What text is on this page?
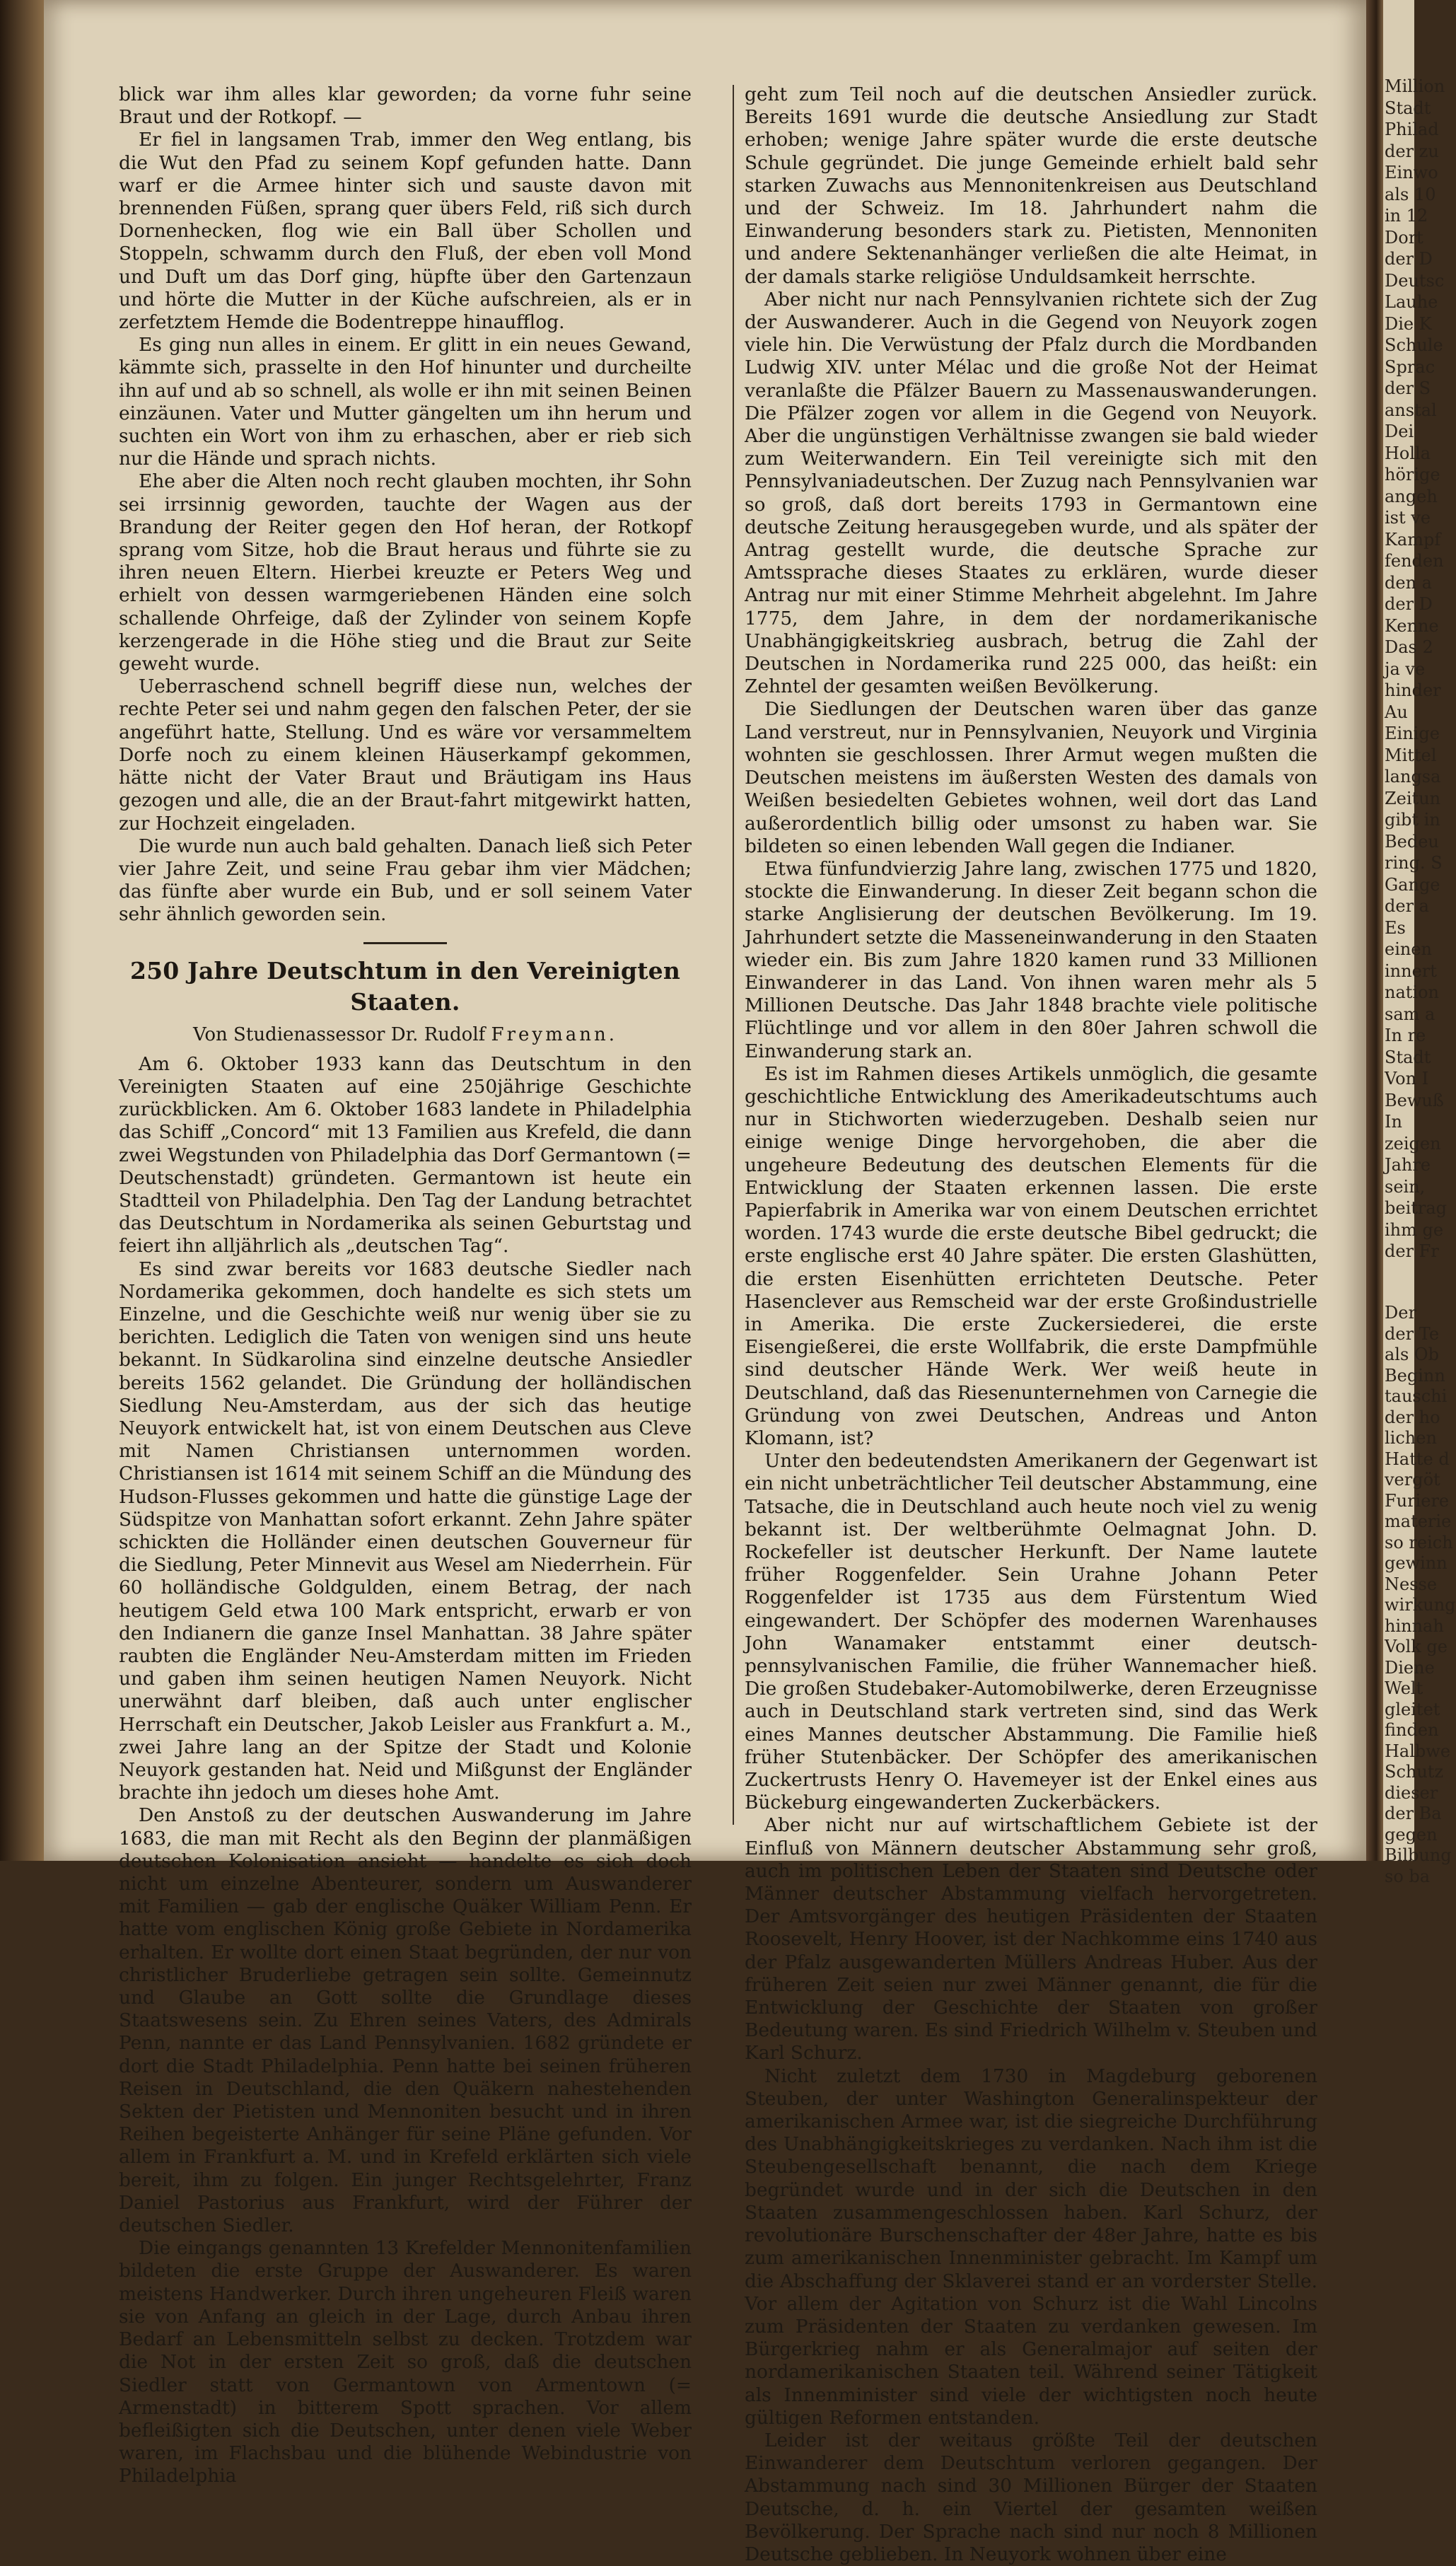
blick war ihm alles klar geworden; da vorne fuhr seine Braut und der Rotkopf. —

Er fiel in langsamen Trab, immer den Weg entlang, bis die Wut den Pfad zu seinem Kopf gefunden hatte. Dann warf er die Armee hinter sich und sauste davon mit brennenden Füßen, sprang quer übers Feld, riß sich durch Dornenhecken, flog wie ein Ball über Schollen und Stoppeln, schwamm durch den Fluß, der eben voll Mond und Duft um das Dorf ging, hüpfte über den Gartenzaun und hörte die Mutter in der Küche aufschreien, als er in zerfetztem Hemde die Bodentreppe hinaufflog.

Es ging nun alles in einem. Er glitt in ein neues Gewand, kämmte sich, prasselte in den Hof hinunter und durcheilte ihn auf und ab so schnell, als wolle er ihn mit seinen Beinen einzäunen. Vater und Mutter gängelten um ihn herum und suchten ein Wort von ihm zu erhaschen, aber er rieb sich nur die Hände und sprach nichts.

Ehe aber die Alten noch recht glauben mochten, ihr Sohn sei irrsinnig geworden, tauchte der Wagen aus der Brandung der Reiter gegen den Hof heran, der Rotkopf sprang vom Sitze, hob die Braut heraus und führte sie zu ihren neuen Eltern. Hierbei kreuzte er Peters Weg und erhielt von dessen warmgeriebenen Händen eine solch schallende Ohrfeige, daß der Zylinder von seinem Kopfe kerzengerade in die Höhe stieg und die Braut zur Seite geweht wurde.

Ueberraschend schnell begriff diese nun, welches der rechte Peter sei und nahm gegen den falschen Peter, der sie angeführt hatte, Stellung. Und es wäre vor versammeltem Dorfe noch zu einem kleinen Häuserkampf gekommen, hätte nicht der Vater Braut und Bräutigam ins Haus gezogen und alle, die an der Braut-fahrt mitgewirkt hatten, zur Hochzeit eingeladen.

Die wurde nun auch bald gehalten. Danach ließ sich Peter vier Jahre Zeit, und seine Frau gebar ihm vier Mädchen; das fünfte aber wurde ein Bub, und er soll seinem Vater sehr ähnlich geworden sein.

250 Jahre Deutschtum in den Vereinigten Staaten.
Von Studienassessor Dr. Rudolf Freymann.

Am 6. Oktober 1933 kann das Deutschtum in den Vereinigten Staaten auf eine 250jährige Geschichte zurückblicken. Am 6. Oktober 1683 landete in Philadelphia das Schiff „Concord“ mit 13 Familien aus Krefeld, die dann zwei Wegstunden von Philadelphia das Dorf Germantown (= Deutschenstadt) gründeten. Germantown ist heute ein Stadtteil von Philadelphia. Den Tag der Landung betrachtet das Deutschtum in Nordamerika als seinen Geburtstag und feiert ihn alljährlich als „deutschen Tag“.

Es sind zwar bereits vor 1683 deutsche Siedler nach Nordamerika gekommen, doch handelte es sich stets um Einzelne, und die Geschichte weiß nur wenig über sie zu berichten. Lediglich die Taten von wenigen sind uns heute bekannt. In Südkarolina sind einzelne deutsche Ansiedler bereits 1562 gelandet. Die Gründung der holländischen Siedlung Neu-Amsterdam, aus der sich das heutige Neuyork entwickelt hat, ist von einem Deutschen aus Cleve mit Namen Christiansen unternommen worden. Christiansen ist 1614 mit seinem Schiff an die Mündung des Hudson-Flusses gekommen und hatte die günstige Lage der Südspitze von Manhattan sofort erkannt. Zehn Jahre später schickten die Holländer einen deutschen Gouverneur für die Siedlung, Peter Minnevit aus Wesel am Niederrhein. Für 60 holländische Goldgulden, einem Betrag, der nach heutigem Geld etwa 100 Mark entspricht, erwarb er von den Indianern die ganze Insel Manhattan. 38 Jahre später raubten die Engländer Neu-Amsterdam mitten im Frieden und gaben ihm seinen heutigen Namen Neuyork. Nicht unerwähnt darf bleiben, daß auch unter englischer Herrschaft ein Deutscher, Jakob Leisler aus Frankfurt a. M., zwei Jahre lang an der Spitze der Stadt und Kolonie Neuyork gestanden hat. Neid und Mißgunst der Engländer brachte ihn jedoch um dieses hohe Amt.

Den Anstoß zu der deutschen Auswanderung im Jahre 1683, die man mit Recht als den Beginn der planmäßigen deutschen Kolonisation ansieht — handelte es sich doch nicht um einzelne Abenteurer, sondern um Auswanderer mit Familien — gab der englische Quäker William Penn. Er hatte vom englischen König große Gebiete in Nordamerika erhalten. Er wollte dort einen Staat begründen, der nur von christlicher Bruderliebe getragen sein sollte. Gemeinnutz und Glaube an Gott sollte die Grundlage dieses Staatswesens sein. Zu Ehren seines Vaters, des Admirals Penn, nannte er das Land Pennsylvanien. 1682 gründete er dort die Stadt Philadelphia. Penn hatte bei seinen früheren Reisen in Deutschland, die den Quäkern nahestehenden Sekten der Pietisten und Mennoniten besucht und in ihren Reihen begeisterte Anhänger für seine Pläne gefunden. Vor allem in Frankfurt a. M. und in Krefeld erklärten sich viele bereit, ihm zu folgen. Ein junger Rechtsgelehrter, Franz Daniel Pastorius aus Frankfurt, wird der Führer der deutschen Siedler.

Die eingangs genannten 13 Krefelder Mennonitenfamilien bildeten die erste Gruppe der Auswanderer. Es waren meistens Handwerker. Durch ihren ungeheuren Fleiß waren sie von Anfang an gleich in der Lage, durch Anbau ihren Bedarf an Lebensmitteln selbst zu decken. Trotzdem war die Not in der ersten Zeit so groß, daß die deutschen Siedler statt von Germantown von Armentown (= Armenstadt) in bitterem Spott sprachen. Vor allem befleißigten sich die Deutschen, unter denen viele Weber waren, im Flachsbau und die blühende Webindustrie von Philadelphia

geht zum Teil noch auf die deutschen Ansiedler zurück. Bereits 1691 wurde die deutsche Ansiedlung zur Stadt erhoben; wenige Jahre später wurde die erste deutsche Schule gegründet. Die junge Gemeinde erhielt bald sehr starken Zuwachs aus Mennonitenkreisen aus Deutschland und der Schweiz. Im 18. Jahrhundert nahm die Einwanderung besonders stark zu. Pietisten, Mennoniten und andere Sektenanhänger verließen die alte Heimat, in der damals starke religiöse Unduldsamkeit herrschte.

Aber nicht nur nach Pennsylvanien richtete sich der Zug der Auswanderer. Auch in die Gegend von Neuyork zogen viele hin. Die Verwüstung der Pfalz durch die Mordbanden Ludwig XIV. unter Mélac und die große Not der Heimat veranlaßte die Pfälzer Bauern zu Massenauswanderungen. Die Pfälzer zogen vor allem in die Gegend von Neuyork. Aber die ungünstigen Verhältnisse zwangen sie bald wieder zum Weiterwandern. Ein Teil vereinigte sich mit den Pennsylvaniadeutschen. Der Zuzug nach Pennsylvanien war so groß, daß dort bereits 1793 in Germantown eine deutsche Zeitung herausgegeben wurde, und als später der Antrag gestellt wurde, die deutsche Sprache zur Amtssprache dieses Staates zu erklären, wurde dieser Antrag nur mit einer Stimme Mehrheit abgelehnt. Im Jahre 1775, dem Jahre, in dem der nordamerikanische Unabhängigkeitskrieg ausbrach, betrug die Zahl der Deutschen in Nordamerika rund 225 000, das heißt: ein Zehntel der gesamten weißen Bevölkerung.

Die Siedlungen der Deutschen waren über das ganze Land verstreut, nur in Pennsylvanien, Neuyork und Virginia wohnten sie geschlossen. Ihrer Armut wegen mußten die Deutschen meistens im äußersten Westen des damals von Weißen besiedelten Gebietes wohnen, weil dort das Land außerordentlich billig oder umsonst zu haben war. Sie bildeten so einen lebenden Wall gegen die Indianer.

Etwa fünfundvierzig Jahre lang, zwischen 1775 und 1820, stockte die Einwanderung. In dieser Zeit begann schon die starke Anglisierung der deutschen Bevölkerung. Im 19. Jahrhundert setzte die Masseneinwanderung in den Staaten wieder ein. Bis zum Jahre 1820 kamen rund 33 Millionen Einwanderer in das Land. Von ihnen waren mehr als 5 Millionen Deutsche. Das Jahr 1848 brachte viele politische Flüchtlinge und vor allem in den 80er Jahren schwoll die Einwanderung stark an.

Es ist im Rahmen dieses Artikels unmöglich, die gesamte geschichtliche Entwicklung des Amerikadeutschtums auch nur in Stichworten wiederzugeben. Deshalb seien nur einige wenige Dinge hervorgehoben, die aber die ungeheure Bedeutung des deutschen Elements für die Entwicklung der Staaten erkennen lassen. Die erste Papierfabrik in Amerika war von einem Deutschen errichtet worden. 1743 wurde die erste deutsche Bibel gedruckt; die erste englische erst 40 Jahre später. Die ersten Glashütten, die ersten Eisenhütten errichteten Deutsche. Peter Hasenclever aus Remscheid war der erste Großindustrielle in Amerika. Die erste Zuckersiederei, die erste Eisengießerei, die erste Wollfabrik, die erste Dampfmühle sind deutscher Hände Werk. Wer weiß heute in Deutschland, daß das Riesenunternehmen von Carnegie die Gründung von zwei Deutschen, Andreas und Anton Klomann, ist?

Unter den bedeutendsten Amerikanern der Gegenwart ist ein nicht unbeträchtlicher Teil deutscher Abstammung, eine Tatsache, die in Deutschland auch heute noch viel zu wenig bekannt ist. Der weltberühmte Oelmagnat John. D. Rockefeller ist deutscher Herkunft. Der Name lautete früher Roggenfelder. Sein Urahne Johann Peter Roggenfelder ist 1735 aus dem Fürstentum Wied eingewandert. Der Schöpfer des modernen Warenhauses John Wanamaker entstammt einer deutsch-pennsylvanischen Familie, die früher Wannemacher hieß. Die großen Studebaker-Automobilwerke, deren Erzeugnisse auch in Deutschland stark vertreten sind, sind das Werk eines Mannes deutscher Abstammung. Die Familie hieß früher Stutenbäcker. Der Schöpfer des amerikanischen Zuckertrusts Henry O. Havemeyer ist der Enkel eines aus Bückeburg eingewanderten Zuckerbäckers.

Aber nicht nur auf wirtschaftlichem Gebiete ist der Einfluß von Männern deutscher Abstammung sehr groß, auch im politischen Leben der Staaten sind Deutsche oder Männer deutscher Abstammung vielfach hervorgetreten. Der Amtsvorgänger des heutigen Präsidenten der Staaten Roosevelt, Henry Hoover, ist der Nachkomme eins 1740 aus der Pfalz ausgewanderten Müllers Andreas Huber. Aus der früheren Zeit seien nur zwei Männer genannt, die für die Entwicklung der Geschichte der Staaten von großer Bedeutung waren. Es sind Friedrich Wilhelm v. Steuben und Karl Schurz.

Nicht zuletzt dem 1730 in Magdeburg geborenen Steuben, der unter Washington Generalinspekteur der amerikanischen Armee war, ist die siegreiche Durchführung des Unabhängigkeitskrieges zu verdanken. Nach ihm ist die Steubengesellschaft benannt, die nach dem Kriege begründet wurde und in der sich die Deutschen in den Staaten zusammengeschlossen haben. Karl Schurz, der revolutionäre Burschenschafter der 48er Jahre, hatte es bis zum amerikanischen Innenminister gebracht. Im Kampf um die Abschaffung der Sklaverei stand er an vorderster Stelle. Vor allem der Agitation von Schurz ist die Wahl Lincolns zum Präsidenten der Staaten zu verdanken gewesen. Im Bürgerkrieg nahm er als Generalmajor auf seiten der nordamerikanischen Staaten teil. Während seiner Tätigkeit als Innenminister sind viele der wichtigsten noch heute gültigen Reformen entstanden.

Leider ist der weitaus größte Teil der deutschen Einwanderer dem Deutschtum verloren gegangen. Der Abstammung nach sind 30 Millionen Bürger der Staaten Deutsche, d. h. ein Viertel der gesamten weißen Bevölkerung. Der Sprache nach sind nur noch 8 Millionen Deutsche geblieben. In Neuyork wohnen über eine

Million
Stadt
Philad
der zu
Einwo
als 10
in 12
Dort
der D
Deutsc
Lauhe
Die K
Schule
Sprac
der S
anstal
Dei
Holla
hörige
angeh
ist ve
Kampf
fenden
den a
der D
Kenne
Das 2
ja ve
hinder
Au
Einige
Mittel
langsa
Zeitun
gibt in
Bedeu
ring. S
Gange
der a
Es
einen
innert
nation
sam a
In re
Stadt
Von I
Bewuß
In
zeigen
Jahre
sein,
beitrag
ihm ge
der Fr
Der
der Te
als Ob
Beginn
tauschi
der ho
lichen
Hatte d
vergöt
Furiere
materie
so reich
gewinn
Nesse
wirkung
hinnah
Volk ge
Diene
Welt
gleitet
finden
Halbwe
Schutz
dieser
der Ba
gegen
Bilbung
so ba
